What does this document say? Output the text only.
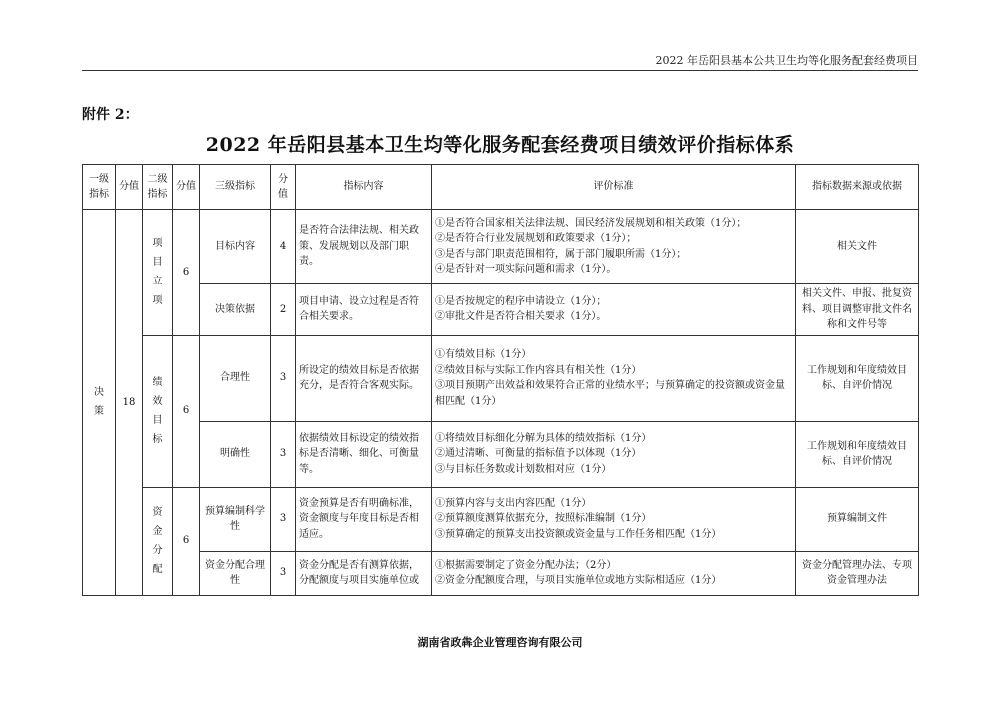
2022 年岳阳县基本公共卫生均等化服务配套经费项目
附件 2：
2022 年岳阳县基本卫生均等化服务配套经费项目绩效评价指标体系
一级指标	分值	二级指标	分值	三级指标	分值	指标内容	评价标准	指标数据来源或依据

决策	18	项目立项	6	目标内容	4	是否符合法律法规、相关政策、发展规划以及部门职责。	①是否符合国家相关法律法规、国民经济发展规划和相关政策（1分）；
②是否符合行业发展规划和政策要求（1分）；
③是否与部门职责范围相符，属于部门履职所需（1分）；
④是否针对一项实际问题和需求（1分）。	相关文件
				决策依据	2	项目申请、设立过程是否符合相关要求。	①是否按规定的程序申请设立（1分）；
②审批文件是否符合相关要求（1分）。	相关文件、申报、批复资料、项目调整审批文件名称和文件号等

		绩效目标	6	合理性	3	所设定的绩效目标是否依据充分，是否符合客观实际。	①有绩效目标（1分）
②绩效目标与实际工作内容具有相关性（1分）
③项目预期产出效益和效果符合正常的业绩水平；与预算确定的投资额或资金量相匹配（1分）	工作规划和年度绩效目标、自评价情况
				明确性	3	依据绩效目标设定的绩效指标是否清晰、细化、可衡量等。	①将绩效目标细化分解为具体的绩效指标（1分）
②通过清晰、可衡量的指标值予以体现（1分）
③与目标任务数或计划数相对应（1分）	工作规划和年度绩效目标、自评价情况

		资金分配	6	预算编制科学性	3	资金预算是否有明确标准，资金额度与年度目标是否相适应。	①预算内容与支出内容匹配（1分）
②预算额度测算依据充分，按照标准编制（1分）
③预算确定的预算支出投资额或资金量与工作任务相匹配（1分）	预算编制文件
				资金分配合理性	3	资金分配是否有测算依据，分配额度与项目实施单位或	①根据需要制定了资金分配办法；（2分）
②资金分配额度合理，与项目实施单位或地方实际相适应（1分）	资金分配管理办法、专项资金管理办法
湖南省政犇企业管理咨询有限公司
